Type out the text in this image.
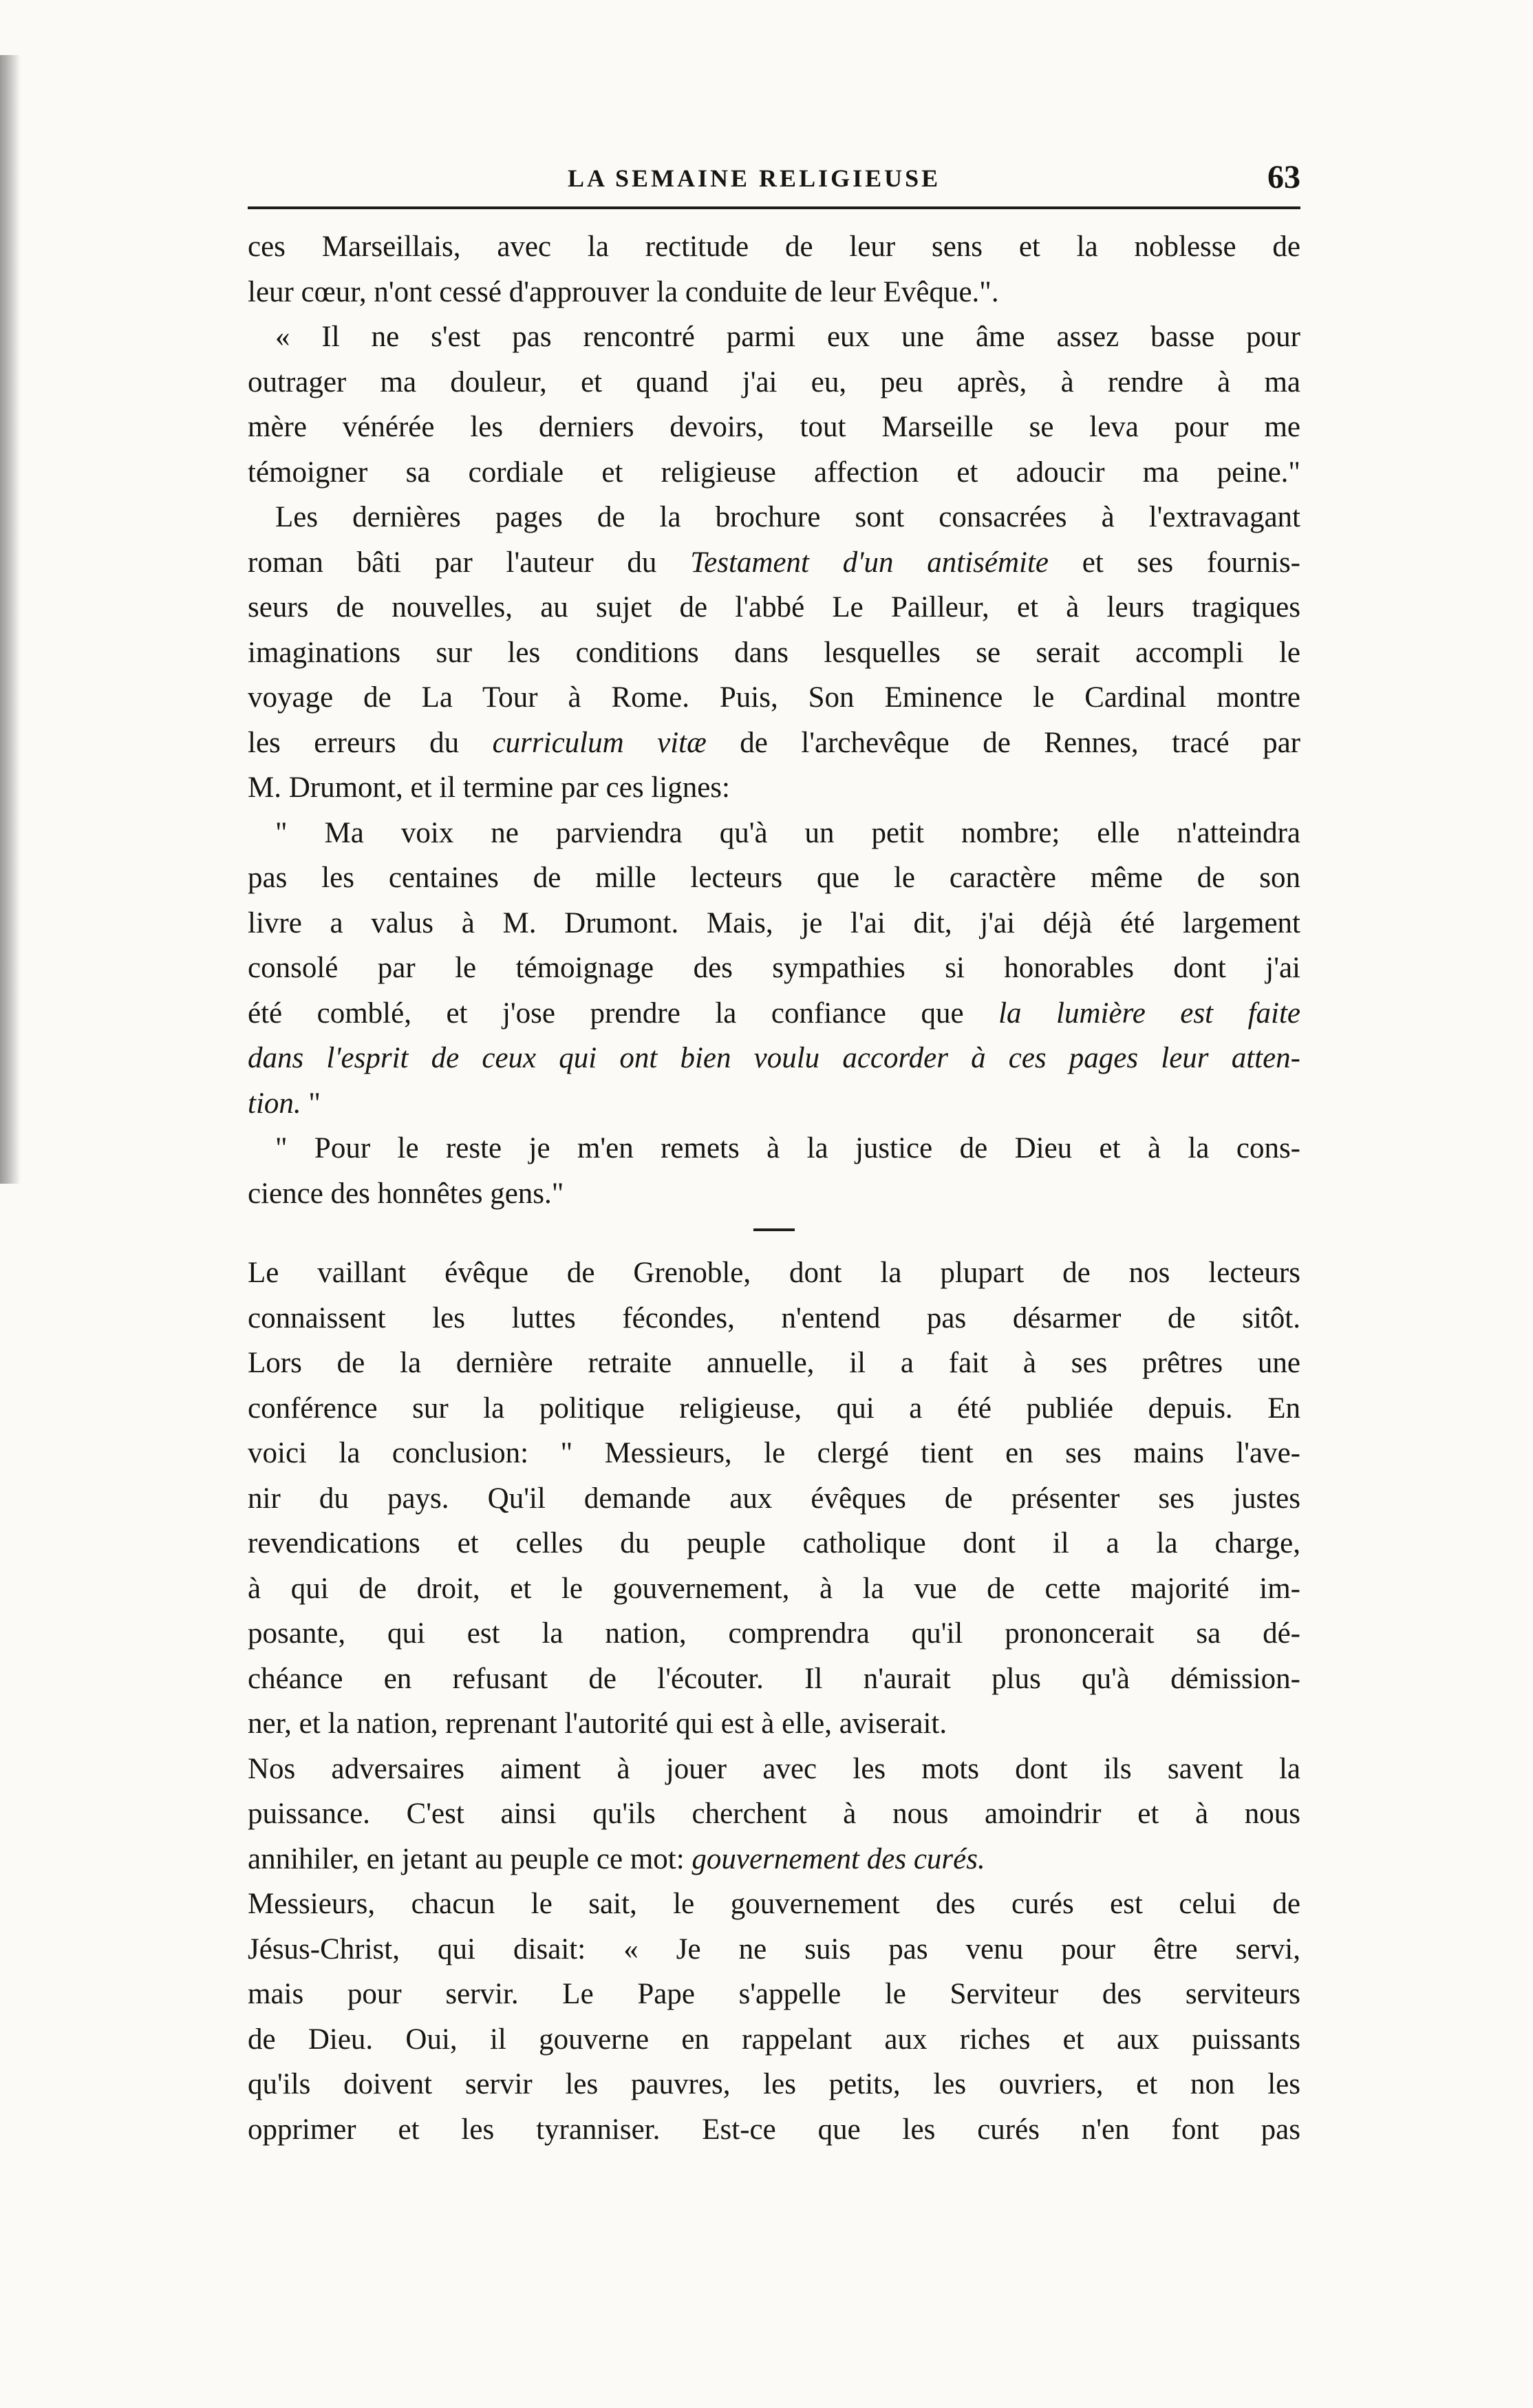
LA SEMAINE RELIGIEUSE	63

ces Marseillais, avec la rectitude de leur sens et la noblesse de
leur cœur, n'ont cessé d'approuver la conduite de leur Evêque.".

« Il ne s'est pas rencontré parmi eux une âme assez basse pour
outrager ma douleur, et quand j'ai eu, peu après, à rendre à ma
mère vénérée les derniers devoirs, tout Marseille se leva pour me
témoigner sa cordiale et religieuse affection et adoucir ma peine."

Les dernières pages de la brochure sont consacrées à l'extravagant
roman bâti par l'auteur du Testament d'un antisémite et ses fournis-
seurs de nouvelles, au sujet de l'abbé Le Pailleur, et à leurs tragiques
imaginations sur les conditions dans lesquelles se serait accompli le
voyage de La Tour à Rome. Puis, Son Eminence le Cardinal montre
les erreurs du curriculum vitæ de l'archevêque de Rennes, tracé par
M. Drumont, et il termine par ces lignes:

" Ma voix ne parviendra qu'à un petit nombre; elle n'atteindra
pas les centaines de mille lecteurs que le caractère même de son
livre a valus à M. Drumont. Mais, je l'ai dit, j'ai déjà été largement
consolé par le témoignage des sympathies si honorables dont j'ai
été comblé, et j'ose prendre la confiance que la lumière est faite
dans l'esprit de ceux qui ont bien voulu accorder à ces pages leur atten-
tion. "

" Pour le reste je m'en remets à la justice de Dieu et à la cons-
cience des honnêtes gens."

Le vaillant évêque de Grenoble, dont la plupart de nos lecteurs
connaissent les luttes fécondes, n'entend pas désarmer de sitôt.
Lors de la dernière retraite annuelle, il a fait à ses prêtres une
conférence sur la politique religieuse, qui a été publiée depuis. En
voici la conclusion: " Messieurs, le clergé tient en ses mains l'ave-
nir du pays. Qu'il demande aux évêques de présenter ses justes
revendications et celles du peuple catholique dont il a la charge,
à qui de droit, et le gouvernement, à la vue de cette majorité im-
posante, qui est la nation, comprendra qu'il prononcerait sa dé-
chéance en refusant de l'écouter. Il n'aurait plus qu'à démission-
ner, et la nation, reprenant l'autorité qui est à elle, aviserait.

Nos adversaires aiment à jouer avec les mots dont ils savent la
puissance. C'est ainsi qu'ils cherchent à nous amoindrir et à nous
annihiler, en jetant au peuple ce mot: gouvernement des curés.

Messieurs, chacun le sait, le gouvernement des curés est celui de
Jésus-Christ, qui disait: « Je ne suis pas venu pour être servi,
mais pour servir. Le Pape s'appelle le Serviteur des serviteurs
de Dieu. Oui, il gouverne en rappelant aux riches et aux puissants
qu'ils doivent servir les pauvres, les petits, les ouvriers, et non les
opprimer et les tyranniser. Est-ce que les curés n'en font pas
